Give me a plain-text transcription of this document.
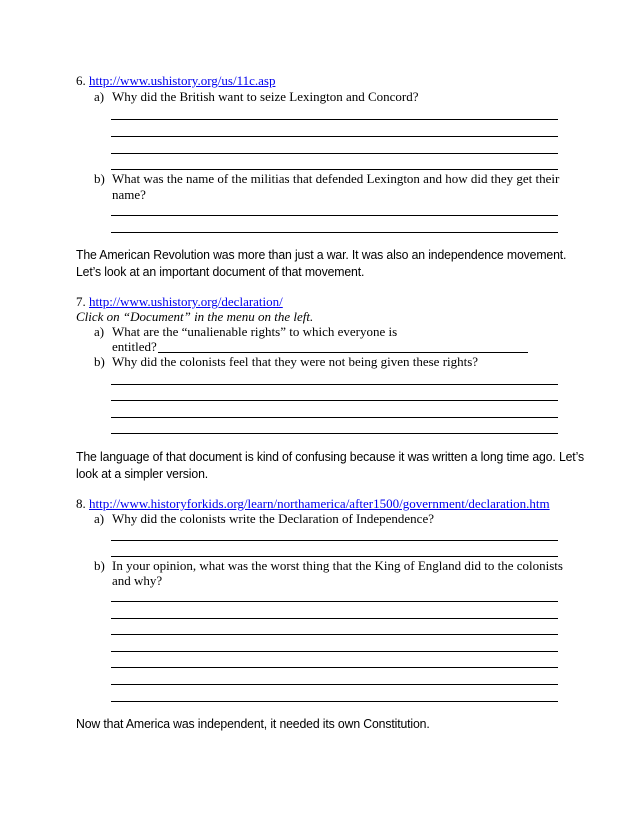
6. http://www.ushistory.org/us/11c.asp
a) Why did the British want to seize Lexington and Concord?
b) What was the name of the militias that defended Lexington and how did they get their
name?
The American Revolution was more than just a war. It was also an independence movement.
Let’s look at an important document of that movement.
7. http://www.ushistory.org/declaration/
Click on “Document” in the menu on the left.
a) What are the “unalienable rights” to which everyone is
entitled?
b) Why did the colonists feel that they were not being given these rights?
The language of that document is kind of confusing because it was written a long time ago. Let’s
look at a simpler version.
8. http://www.historyforkids.org/learn/northamerica/after1500/government/declaration.htm
a) Why did the colonists write the Declaration of Independence?
b) In your opinion, what was the worst thing that the King of England did to the colonists
and why?
Now that America was independent, it needed its own Constitution.
